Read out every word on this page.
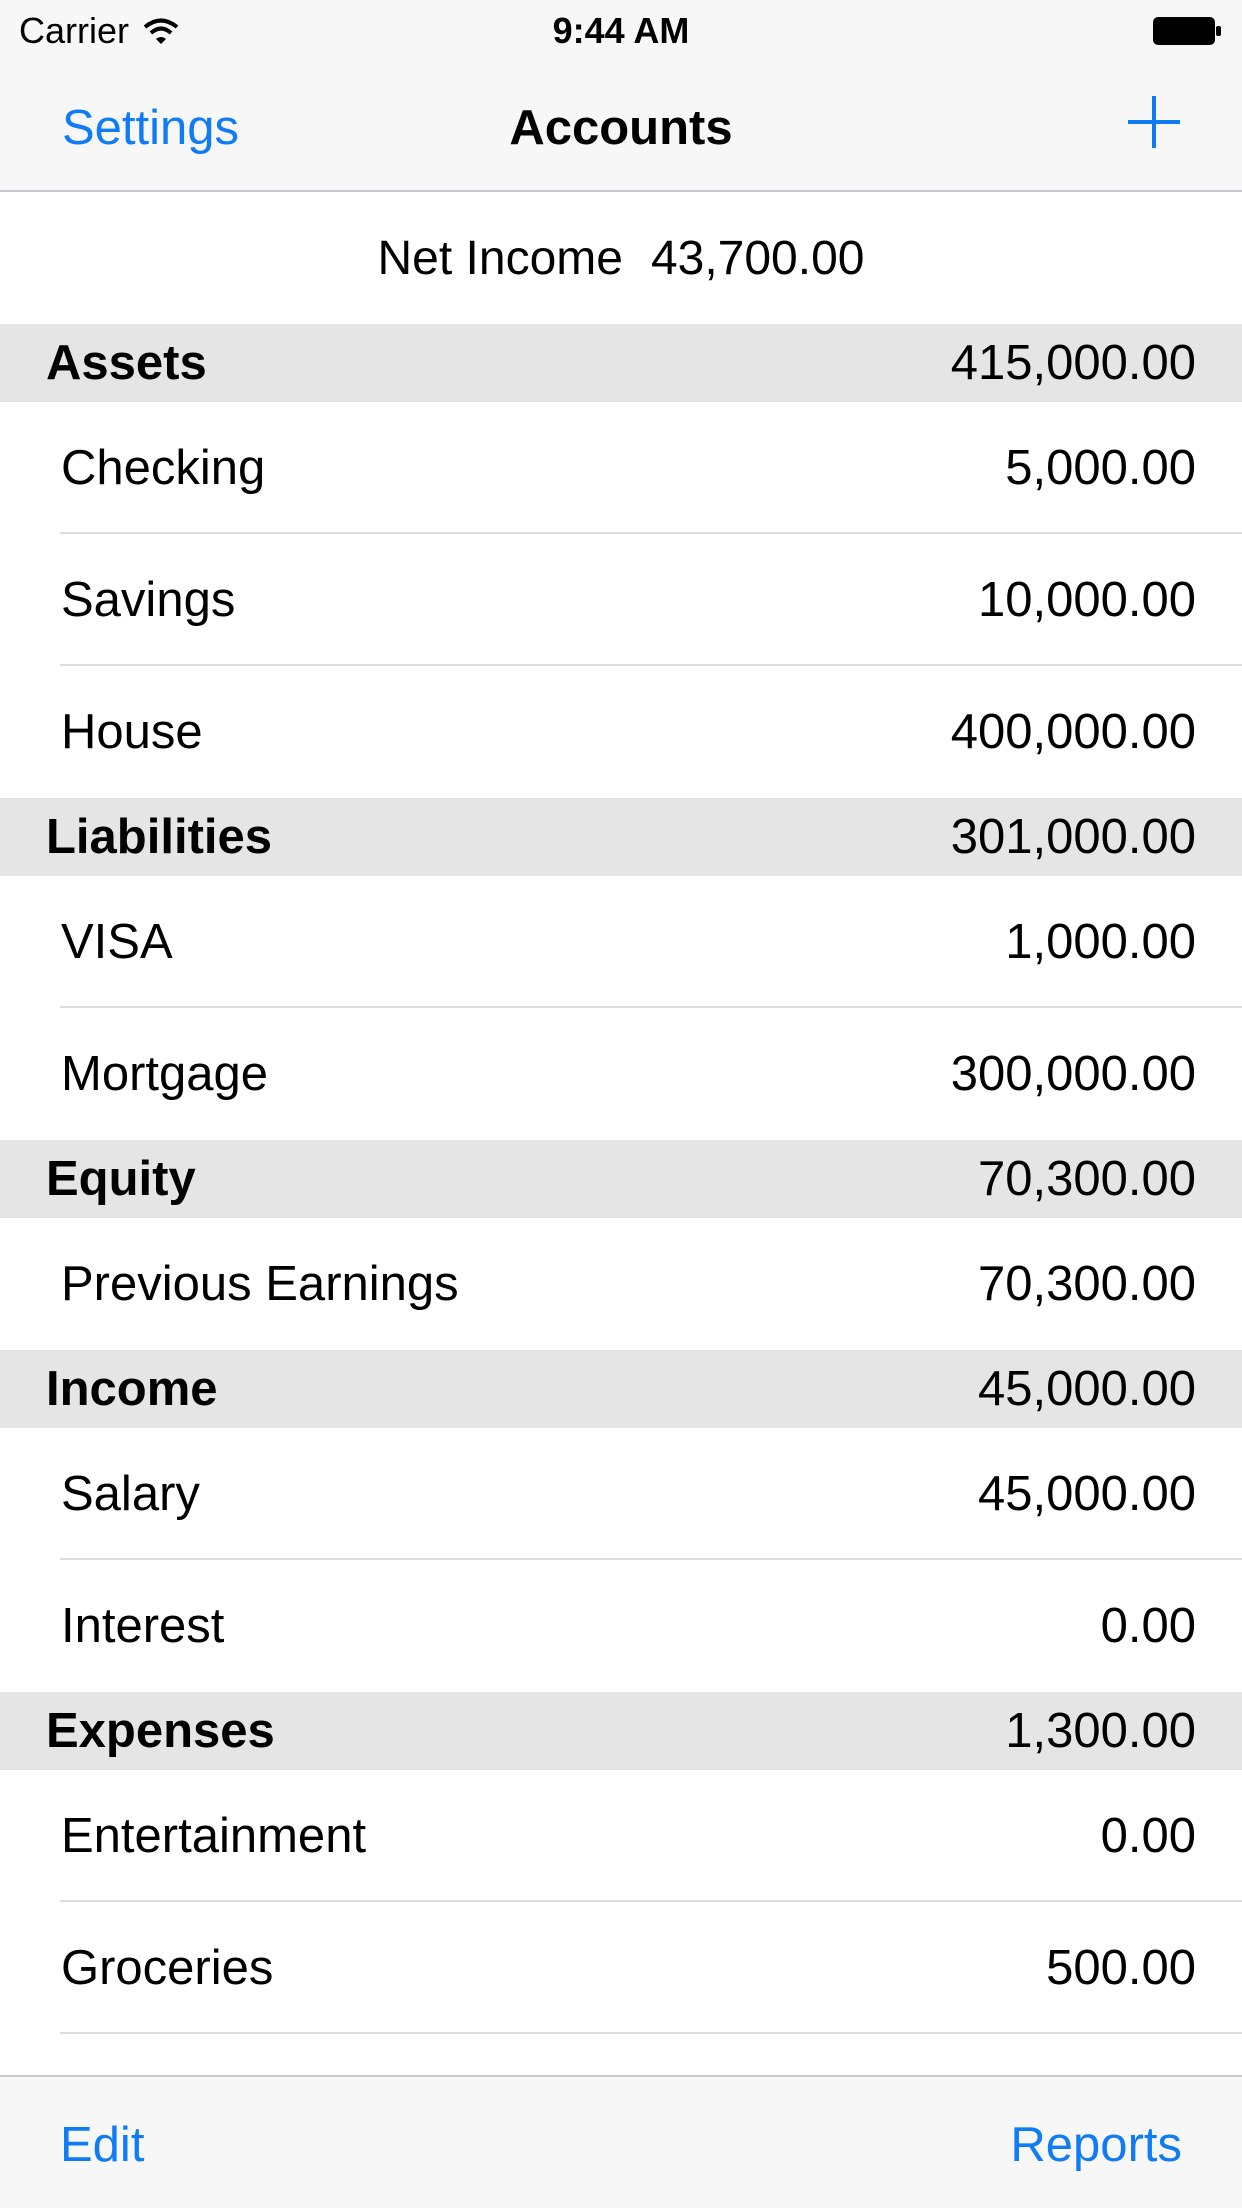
Carrier	9:44 AM
Settings	Accounts
Net Income 43,700.00
Assets	415,000.00
Checking	5,000.00
Savings	10,000.00
House	400,000.00
Liabilities	301,000.00
VISA	1,000.00
Mortgage	300,000.00
Equity	70,300.00
Previous Earnings	70,300.00
Income	45,000.00
Salary	45,000.00
Interest	0.00
Expenses	1,300.00
Entertainment	0.00
Groceries	500.00
Edit	Reports
